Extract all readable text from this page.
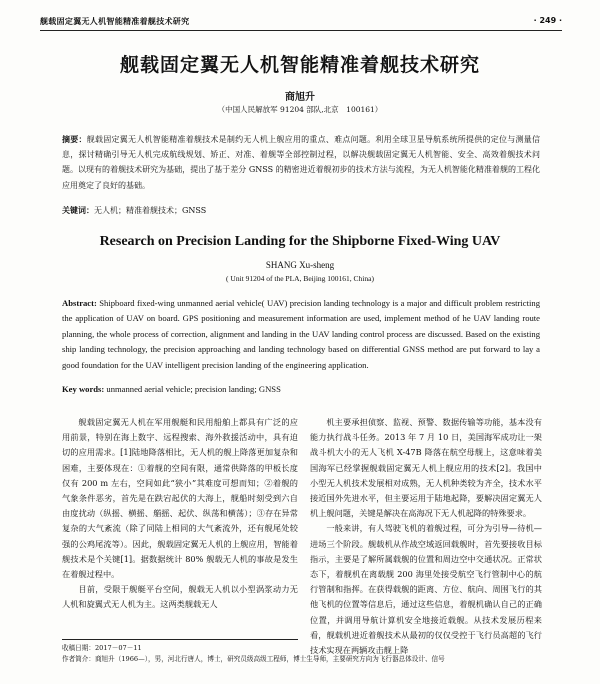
舰载固定翼无人机智能精准着舰技术研究	· 249 ·
舰载固定翼无人机智能精准着舰技术研究
商旭升
（中国人民解放军 91204 部队,北京　100161）

摘要：舰载固定翼无人机智能精准着舰技术是制约无人机上舰应用的重点、难点问题。利用全球卫星导航系统所提供的定位与测量信息，探讨精确引导无人机完成航线规划、矫正、对准、着舰等全部控制过程，以解决舰载固定翼无人机智能、安全、高效着舰技术问题。以现有的着舰技术研究为基础，提出了基于差分 GNSS 的精密进近着舰初步的技术方法与流程，为无人机智能化精准着舰的工程化应用奠定了良好的基础。

关键词：无人机；精准着舰技术；GNSS

Research on Precision Landing for the Shipborne Fixed-Wing UAV
SHANG Xu-sheng
( Unit 91204 of the PLA, Beijing 100161, China)

Abstract: Shipboard fixed-wing unmanned aerial vehicle( UAV) precision landing technology is a major and difficult problem restricting the application of UAV on board. GPS positioning and measurement information are used, implement method of he UAV landing route planning, the whole process of correction, alignment and landing in the UAV landing control process are discussed. Based on the existing ship landing technology, the precision approaching and landing technology based on differential GNSS method are put forward to lay a good foundation for the UAV intelligent precision landing of the engineering application.

Key words: unmanned aerial vehicle; precision landing; GNSS

舰载固定翼无人机在军用舰艇和民用船舶上都具有广泛的应用前景，特别在海上数字、远程搜索、海外救援活动中，具有迫切的应用需求。[1]陆地降落相比，无人机的舰上降落更加复杂和困难，主要体现在：①着舰的空间有限，通常供降落的甲板长度仅有 200 m 左右，空间如此“狭小”其难度可想而知；②着舰的气象条件恶劣，首先是在跌宕起伏的大海上，舰船时刻受到六自由度扰动（纵摇、横摇、艏摇、起伏、纵荡和横荡）；③存在异常复杂的大气紊流（除了同陆上相同的大气紊流外，还有舰尾处较强的公鸡尾流等）。因此，舰载固定翼无人机的上舰应用，智能着舰技术是个关键[1]。据数据统计 80% 舰载无人机的事故是发生在着舰过程中。

目前，受限于舰艇平台空间，舰载无人机以小型涡浆动力无人机和旋翼式无人机为主。这两类舰载无人

机主要承担侦察、监视、预警、数据传输等功能，基本没有能力执行战斗任务。2013 年 7 月 10 日，美国海军成功让一架战斗机大小的无人飞机 X-47B 降落在航空母舰上，这意味着美国海军已经掌握舰载固定翼无人机上舰应用的技术[2]。我国中小型无人机技术发展相对成熟，无人机种类较为齐全，技术水平接近国外先进水平，但主要运用于陆地起降，要解决固定翼无人机上舰问题，关键是解决在高海况下无人机起降的特殊要求。

一般来讲，有人驾驶飞机的着舰过程，可分为引导—待机—进场三个阶段。舰载机从作战空域返回载舰时，首先要接收目标指示，主要是了解所属载舰的位置和周边空中交通状况。正常状态下，着舰机在离载舰 200 海里处接受航空飞行管制中心的航行管制和指挥。在获得载舰的距离、方位、航向、周围飞行的其他飞机的位置等信息后，通过这些信息，着舰机确认自己的正确位置，并调用导航计算机安全地接近载舰。从技术发展历程来看，舰载机进近着舰技术从最初的仅仅受控于飞行员高超的飞行技术实现在两辆攻击舰上降

收稿日期：2017－07－11
作者简介：商旭升（1966—），男，河北行唐人，博士，研究员级高级工程师，博士生导师，主要研究方向为飞行器总体设计、信号
